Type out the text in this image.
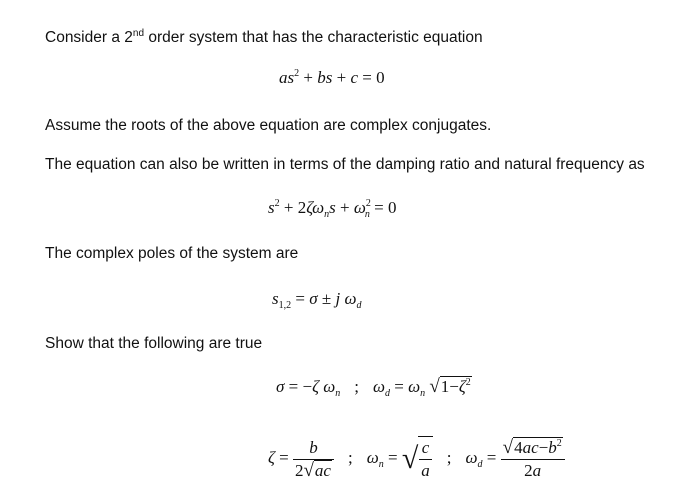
Consider a 2nd order system that has the characteristic equation
$as^2$ + bs + c = 0
Assume the roots of the above equation are complex conjugates.
The equation can also be written in terms of the damping ratio and natural frequency as
$s^2 + 2\zeta\omega_ns + \omega^2_n = 0$
The complex poles of the system are
$s_{1,2} = \sigma \pm j$ $\omega_d$
Show that the following are true
σ = −ζ $\omega_n$ ; $\omega_d = \omega_n$ $√1-\zeta^2$
$\zeta = \frac{b}{2√ac}$ ; $\omega_n$ = √ $\frac{c}{a}$ ; $\omega_d = \frac{√4ac-b^2}{2a}$
